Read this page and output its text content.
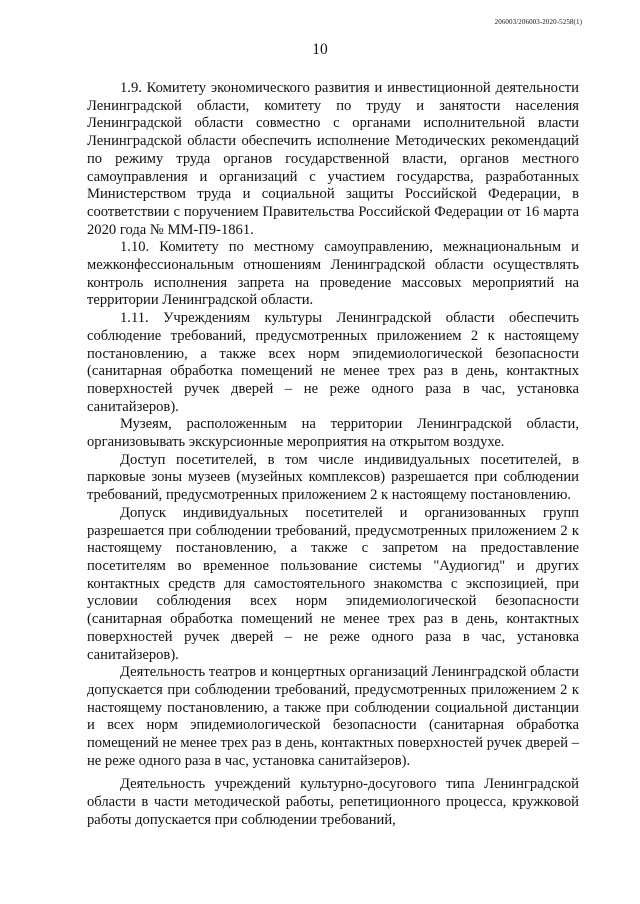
206003/206003-2020-5258(1)
10

1.9. Комитету экономического развития и инвестиционной деятельности Ленинградской области, комитету по труду и занятости населения Ленинградской области совместно с органами исполнительной власти Ленинградской области обеспечить исполнение Методических рекомендаций по режиму труда органов государственной власти, органов местного самоуправления и организаций с участием государства, разработанных Министерством труда и социальной защиты Российской Федерации, в соответствии с поручением Правительства Российской Федерации от 16 марта 2020 года № ММ-П9-1861.

1.10. Комитету по местному самоуправлению, межнациональным и межконфессиональным отношениям Ленинградской области осуществлять контроль исполнения запрета на проведение массовых мероприятий на территории Ленинградской области.

1.11. Учреждениям культуры Ленинградской области обеспечить соблюдение требований, предусмотренных приложением 2 к настоящему постановлению, а также всех норм эпидемиологической безопасности (санитарная обработка помещений не менее трех раз в день, контактных поверхностей ручек дверей – не реже одного раза в час, установка санитайзеров).

Музеям, расположенным на территории Ленинградской области, организовывать экскурсионные мероприятия на открытом воздухе.

Доступ посетителей, в том числе индивидуальных посетителей, в парковые зоны музеев (музейных комплексов) разрешается при соблюдении требований, предусмотренных приложением 2 к настоящему постановлению.

Допуск индивидуальных посетителей и организованных групп разрешается при соблюдении требований, предусмотренных приложением 2 к настоящему постановлению, а также с запретом на предоставление посетителям во временное пользование системы "Аудиогид" и других контактных средств для самостоятельного знакомства с экспозицией, при условии соблюдения всех норм эпидемиологической безопасности (санитарная обработка помещений не менее трех раз в день, контактных поверхностей ручек дверей – не реже одного раза в час, установка санитайзеров).

Деятельность театров и концертных организаций Ленинградской области допускается при соблюдении требований, предусмотренных приложением 2 к настоящему постановлению, а также при соблюдении социальной дистанции и всех норм эпидемиологической безопасности (санитарная обработка помещений не менее трех раз в день, контактных поверхностей ручек дверей – не реже одного раза в час, установка санитайзеров).

Деятельность учреждений культурно-досугового типа Ленинградской области в части методической работы, репетиционного процесса, кружковой работы допускается при соблюдении требований,
